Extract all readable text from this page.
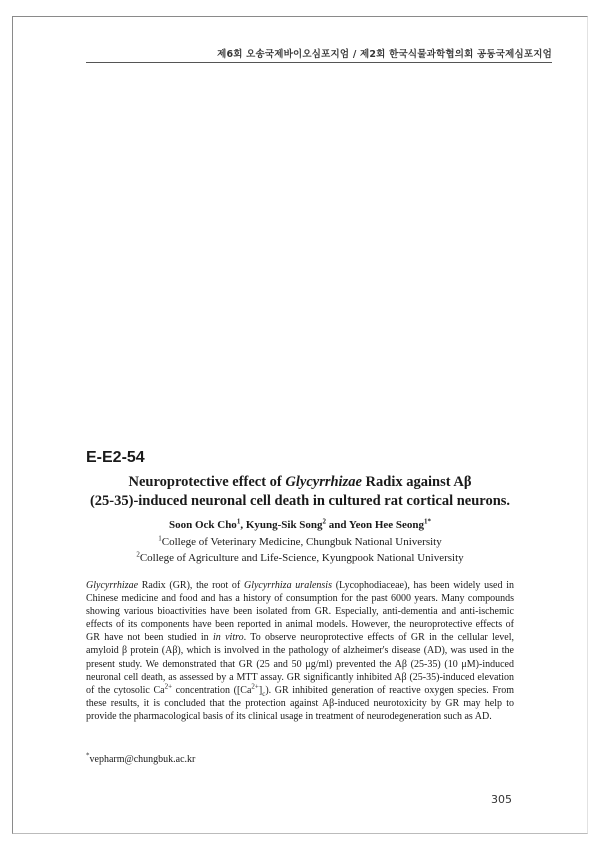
제6회 오송국제바이오심포지엄 / 제2회 한국식물과학협의회 공동국제심포지엄
E-E2-54
Neuroprotective effect of Glycyrrhizae Radix against Aβ
(25-35)-induced neuronal cell death in cultured rat cortical neurons.
Soon Ock Cho$^1$, Kyung-Sik Song$^2$ and Yeon Hee Seong$^{1*}$
$^1$College of Veterinary Medicine, Chungbuk National University
$^2$College of Agriculture and Life-Science, Kyungpook National University

Glycyrrhizae Radix (GR), the root of Glycyrrhiza uralensis (Lycophodiaceae), has been widely used in Chinese medicine and food and has a history of consumption for the past 6000 years. Many compounds showing various bioactivities have been isolated from GR. Especially, anti-dementia and anti-ischemic effects of its components have been reported in animal models. However, the neuroprotective effects of GR have not been studied in in vitro. To observe neuroprotective effects of GR in the cellular level, amyloid β protein (Aβ), which is involved in the pathology of alzheimer's disease (AD), was used in the present study. We demonstrated that GR (25 and 50 μg/ml) prevented the Aβ (25-35) (10 μM)-induced neuronal cell death, as assessed by a MTT assay. GR significantly inhibited Aβ (25-35)-induced elevation of the cytosolic $Ca^{2+}$ concentration $([Ca^{2+}]_c)$. GR inhibited generation of reactive oxygen species. From these results, it is concluded that the protection against Aβ-induced neurotoxicity by GR may help to provide the pharmacological basis of its clinical usage in treatment of neurodegeneration such as AD.

*vepharm@chungbuk.ac.kr
305
